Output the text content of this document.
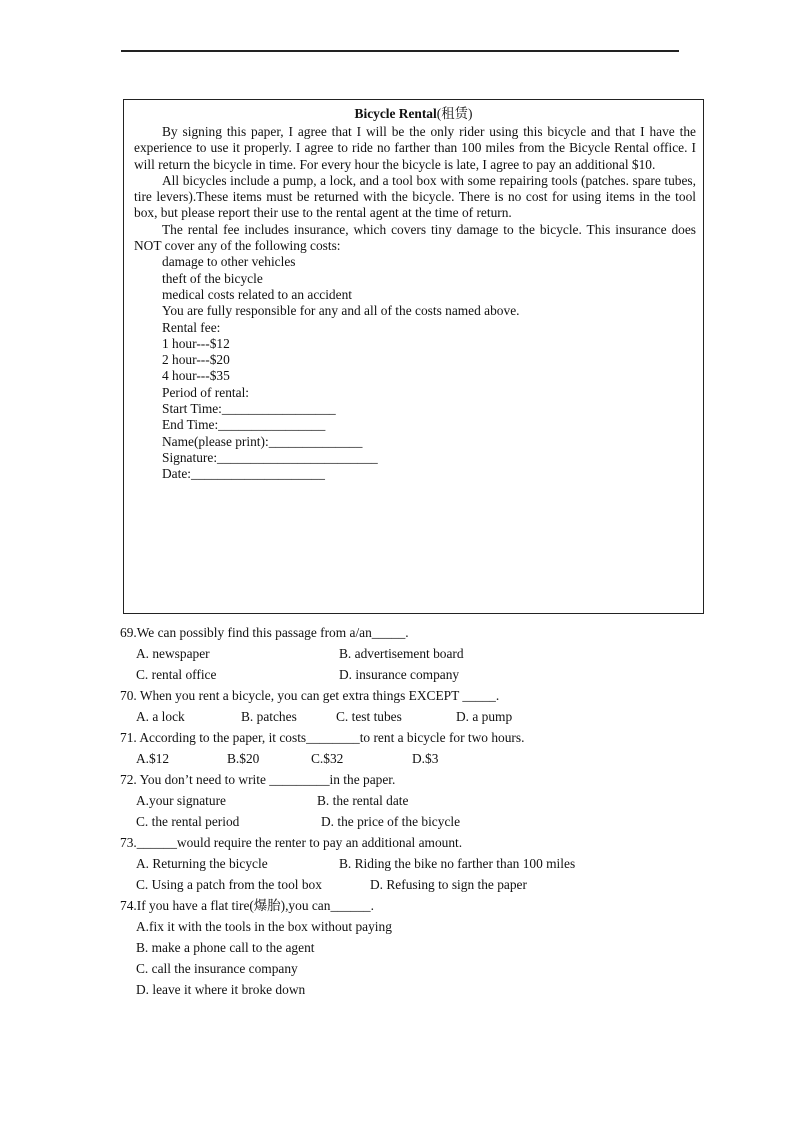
Bicycle Rental(租赁)

By signing this paper, I agree that I will be the only rider using this bicycle and that I have the experience to use it properly. I agree to ride no farther than 100 miles from the Bicycle Rental office. I will return the bicycle in time. For every hour the bicycle is late, I agree to pay an additional $10.

All bicycles include a pump, a lock, and a tool box with some repairing tools (patches. spare tubes, tire levers).These items must be returned with the bicycle. There is no cost for using items in the tool box, but please report their use to the rental agent at the time of return.

The rental fee includes insurance, which covers tiny damage to the bicycle. This insurance does NOT cover any of the following costs:

damage to other vehicles

theft of the bicycle

medical costs related to an accident

You are fully responsible for any and all of the costs named above.

Rental fee:

1 hour---$12

2 hour---$20

4 hour---$35

Period of rental:

Start Time:_________________

End Time:________________

Name(please print):______________

Signature:________________________

Date:____________________

69.We can possibly find this passage from a/an_____.

A. newspaper	B. advertisement board
C. rental office	D. insurance company

70. When you rent a bicycle, you can get extra things EXCEPT _____.

A. a lock	B. patches	C. test tubes	D. a pump

71. According to the paper, it costs________to rent a bicycle for two hours.

A.$12	B.$20	C.$32	D.$3

72. You don’t need to write _________in the paper.

A.your signature	B. the rental date
C. the rental period	D. the price of the bicycle

73.______would require the renter to pay an additional amount.

A. Returning the bicycle	B. Riding the bike no farther than 100 miles
C. Using a patch from the tool box	D. Refusing to sign the paper

74.If you have a flat tire(爆胎),you can______.

A.fix it with the tools in the box without paying
B. make a phone call to the agent
C. call the insurance company
D. leave it where it broke down
